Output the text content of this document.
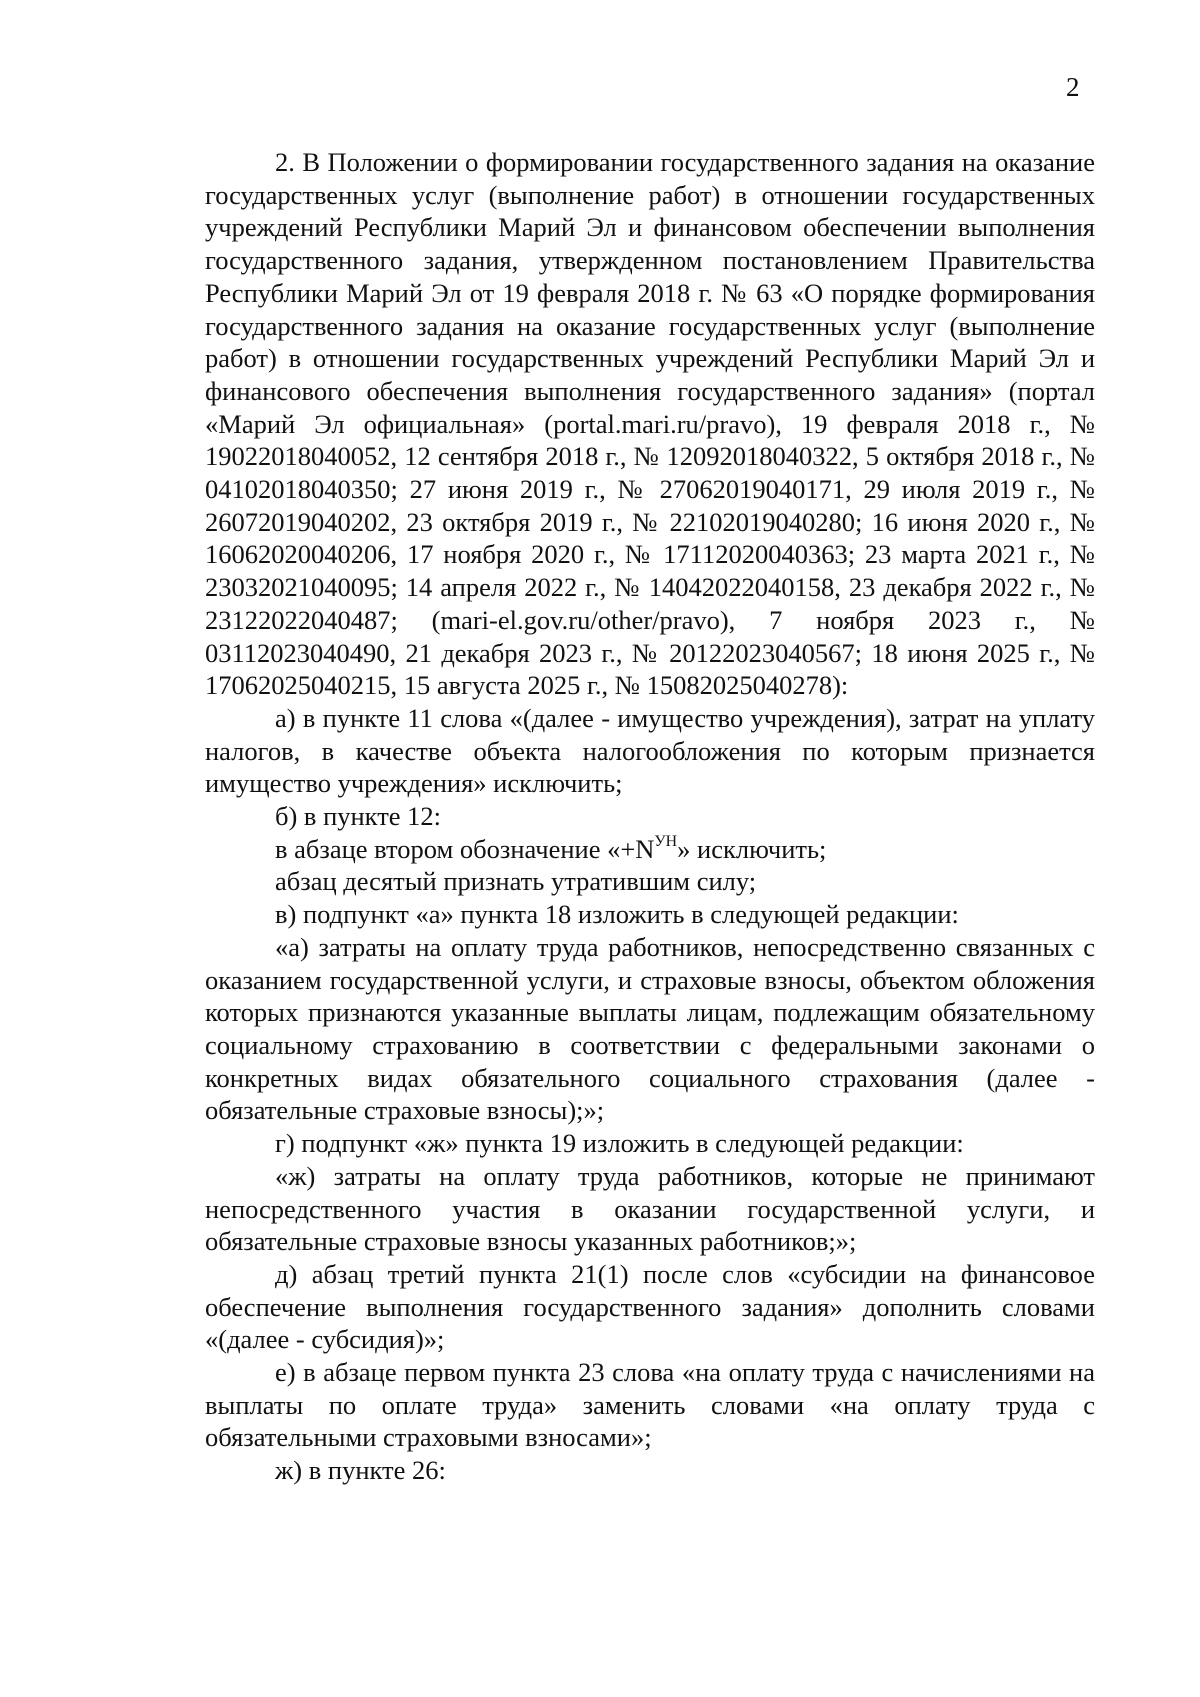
2

2. В Положении о формировании государственного задания на оказание государственных услуг (выполнение работ) в отношении государственных учреждений Республики Марий Эл и финансовом обеспечении выполнения государственного задания, утвержденном постановлением Правительства Республики Марий Эл от 19 февраля 2018 г. № 63 «О порядке формирования государственного задания на оказание государственных услуг (выполнение работ) в отношении государственных учреждений Республики Марий Эл и финансового обеспечения выполнения государственного задания» (портал «Марий Эл официальная» (portal.mari.ru/pravo), 19 февраля 2018 г., № 19022018040052, 12 сентября 2018 г., № 12092018040322, 5 октября 2018 г., № 04102018040350; 27 июня 2019 г., № 27062019040171, 29 июля 2019 г., № 26072019040202, 23 октября 2019 г., № 22102019040280; 16 июня 2020 г., № 16062020040206, 17 ноября 2020 г., № 17112020040363; 23 марта 2021 г., № 23032021040095; 14 апреля 2022 г., № 14042022040158, 23 декабря 2022 г., № 23122022040487; (mari-el.gov.ru/other/pravo), 7 ноября 2023 г., № 03112023040490, 21 декабря 2023 г., № 20122023040567; 18 июня 2025 г., № 17062025040215, 15 августа 2025 г., № 15082025040278):

а) в пункте 11 слова «(далее - имущество учреждения), затрат на уплату налогов, в качестве объекта налогообложения по которым признается имущество учреждения» исключить;

б) в пункте 12:

в абзаце втором обозначение «$+N^{УН}$» исключить;

абзац десятый признать утратившим силу;

в) подпункт «а» пункта 18 изложить в следующей редакции:

«а) затраты на оплату труда работников, непосредственно связанных с оказанием государственной услуги, и страховые взносы, объектом обложения которых признаются указанные выплаты лицам, подлежащим обязательному социальному страхованию в соответствии с федеральными законами о конкретных видах обязательного социального страхования (далее - обязательные страховые взносы);»;

г) подпункт «ж» пункта 19 изложить в следующей редакции:

«ж) затраты на оплату труда работников, которые не принимают непосредственного участия в оказании государственной услуги, и обязательные страховые взносы указанных работников;»;

д) абзац третий пункта 21(1) после слов «субсидии на финансовое обеспечение выполнения государственного задания» дополнить словами «(далее - субсидия)»;

е) в абзаце первом пункта 23 слова «на оплату труда с начислениями на выплаты по оплате труда» заменить словами «на оплату труда с обязательными страховыми взносами»;

ж) в пункте 26:
